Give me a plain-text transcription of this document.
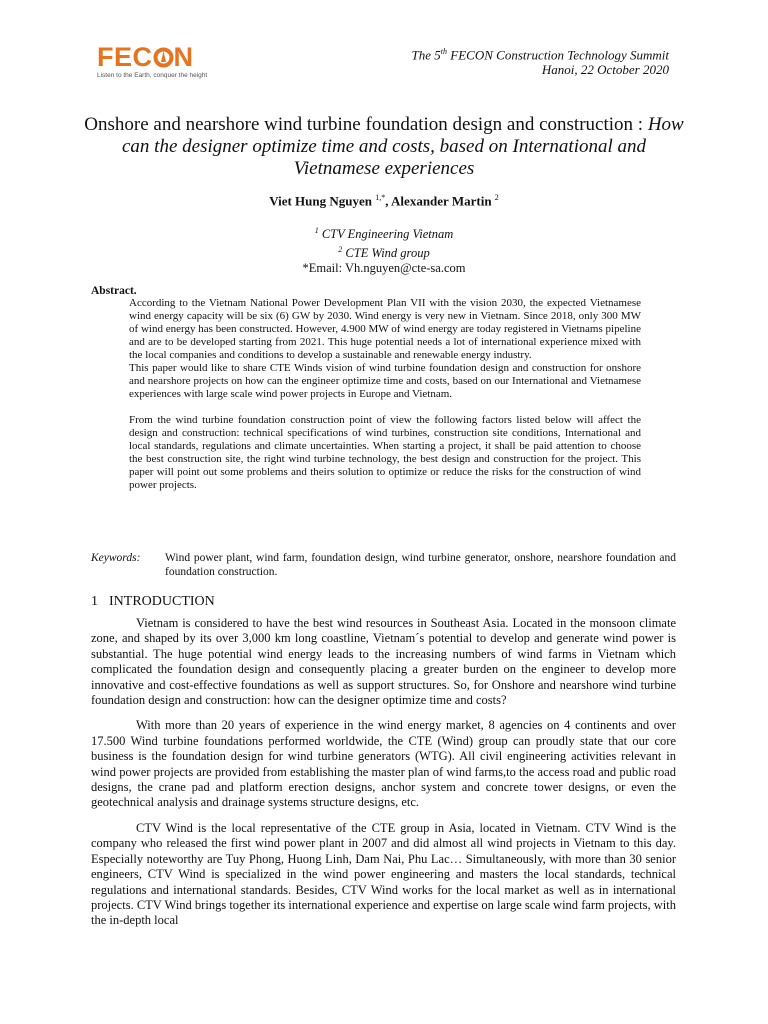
FEC N
Listen to the Earth, conquer the height
The 5th FECON Construction Technology Summit
Hanoi, 22 October 2020
Onshore and nearshore wind turbine foundation design and construction : How can the designer optimize time and costs, based on International and Vietnamese experiences
Viet Hung Nguyen $^{1,*}$, Alexander Martin $^2$
$^1$ CTV Engineering Vietnam
$^2$ CTE Wind group
*Email: Vh.nguyen@cte-sa.com
Abstract.

According to the Vietnam National Power Development Plan VII with the vision 2030, the expected Vietnamese wind energy capacity will be six (6) GW by 2030. Wind energy is very new in Vietnam. Since 2018, only 300 MW of wind energy has been constructed. However, 4.900 MW of wind energy are today registered in Vietnams pipeline and are to be developed starting from 2021. This huge potential needs a lot of international experience mixed with the local companies and conditions to develop a sustainable and renewable energy industry.

This paper would like to share CTE Winds vision of wind turbine foundation design and construction for onshore and nearshore projects on how can the engineer optimize time and costs, based on our International and Vietnamese experiences with large scale wind power projects in Europe and Vietnam.

From the wind turbine foundation construction point of view the following factors listed below will affect the design and construction: technical specifications of wind turbines, construction site conditions, International and local standards, regulations and climate uncertainties. When starting a project, it shall be paid attention to choose the best construction site, the right wind turbine technology, the best design and construction for the project. This paper will point out some problems and theirs solution to optimize or reduce the risks for the construction of wind power projects.

Keywords: Wind power plant, wind farm, foundation design, wind turbine generator, onshore, nearshore foundation and foundation construction.
1 INTRODUCTION

Vietnam is considered to have the best wind resources in Southeast Asia. Located in the monsoon climate zone, and shaped by its over 3,000 km long coastline, Vietnam´s potential to develop and generate wind power is substantial. The huge potential wind energy leads to the increasing numbers of wind farms in Vietnam which complicated the foundation design and consequently placing a greater burden on the engineer to develop more innovative and cost-effective foundations as well as support structures. So, for Onshore and nearshore wind turbine foundation design and construction: how can the designer optimize time and costs?

With more than 20 years of experience in the wind energy market, 8 agencies on 4 continents and over 17.500 Wind turbine foundations performed worldwide, the CTE (Wind) group can proudly state that our core business is the foundation design for wind turbine generators (WTG). All civil engineering activities relevant in wind power projects are provided from establishing the master plan of wind farms,to the access road and public road designs, the crane pad and platform erection designs, anchor system and concrete tower designs, or even the geotechnical analysis and drainage systems structure designs, etc.

CTV Wind is the local representative of the CTE group in Asia, located in Vietnam. CTV Wind is the company who released the first wind power plant in 2007 and did almost all wind projects in Vietnam to this day. Especially noteworthy are Tuy Phong, Huong Linh, Dam Nai, Phu Lac… Simultaneously, with more than 30 senior engineers, CTV Wind is specialized in the wind power engineering and masters the local standards, technical regulations and international standards. Besides, CTV Wind works for the local market as well as in international projects. CTV Wind brings together its international experience and expertise on large scale wind farm projects, with the in-depth local
